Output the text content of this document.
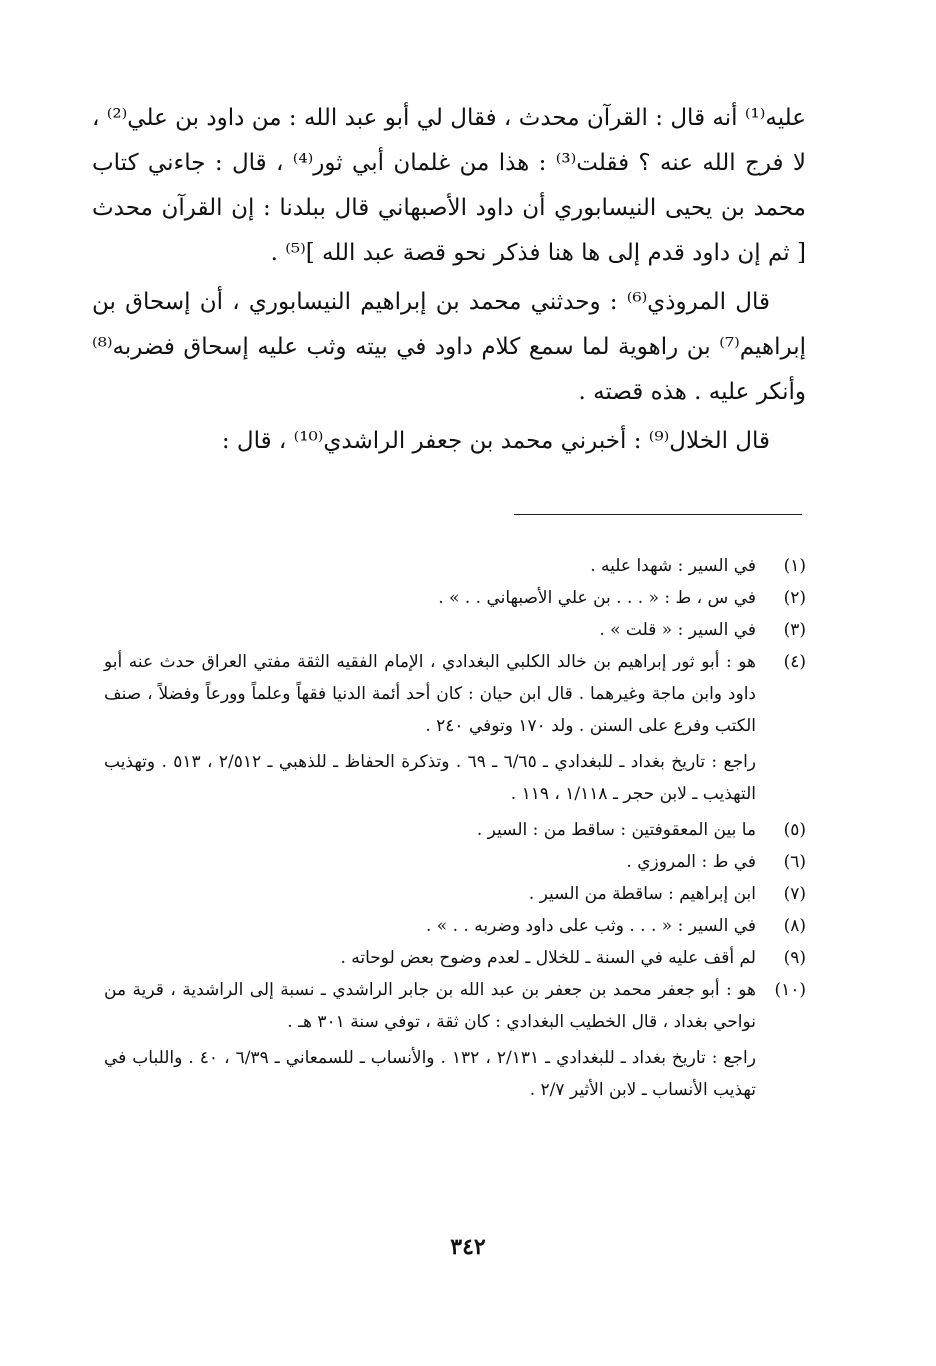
عليه⁽¹⁾ أنه قال : القرآن محدث ، فقال لي أبو عبد الله : من داود بن علي⁽²⁾ ، لا فرج الله عنه ؟ فقلت⁽³⁾ : هذا من غلمان أبي ثور⁽⁴⁾ ، قال : جاءني كتاب محمد بن يحيى النيسابوري أن داود الأصبهاني قال ببلدنا : إن القرآن محدث [ ثم إن داود قدم إلى ها هنا فذكر نحو قصة عبد الله ]⁽⁵⁾ .

قال المروذي⁽⁶⁾ : وحدثني محمد بن إبراهيم النيسابوري ، أن إسحاق بن إبراهيم⁽⁷⁾ بن راهوية لما سمع كلام داود في بيته وثب عليه إسحاق فضربه⁽⁸⁾ وأنكر عليه . هذه قصته .

قال الخلال⁽⁹⁾ : أخبرني محمد بن جعفر الراشدي⁽¹⁰⁾ ، قال :

(١)
في السير : شهدا عليه .
(٢)
في س ، ط : « . . . بن علي الأصبهاني . . » .
(٣)
في السير : « قلت » .
(٤)
هو : أبو ثور إبراهيم بن خالد الكلبي البغدادي ، الإمام الفقيه الثقة مفتي العراق حدث عنه أبو داود وابن ماجة وغيرهما . قال ابن حيان : كان أحد أئمة الدنيا فقهاً وعلماً وورعاً وفضلاً ، صنف الكتب وفرع على السنن . ولد ١٧٠ وتوفي ٢٤٠ .
راجع : تاريخ بغداد ـ للبغدادي ـ ٦/٦٥ ـ ٦٩ . وتذكرة الحفاظ ـ للذهبي ـ ٢/٥١٢ ، ٥١٣ . وتهذيب التهذيب ـ لابن حجر ـ ١/١١٨ ، ١١٩ .
(٥)
ما بين المعقوفتين : ساقط من : السير .
(٦)
في ط : المروزي .
(٧)
ابن إبراهيم : ساقطة من السير .
(٨)
في السير : « . . . وثب على داود وضربه . . » .
(٩)
لم أقف عليه في السنة ـ للخلال ـ لعدم وضوح بعض لوحاته .
(١٠)
هو : أبو جعفر محمد بن جعفر بن عبد الله بن جابر الراشدي ـ نسبة إلى الراشدية ، قرية من نواحي بغداد ، قال الخطيب البغدادي : كان ثقة ، توفي سنة ٣٠١ هـ .
راجع : تاريخ بغداد ـ للبغدادي ـ ٢/١٣١ ، ١٣٢ . والأنساب ـ للسمعاني ـ ٦/٣٩ ، ٤٠ . واللباب في تهذيب الأنساب ـ لابن الأثير ٢/٧ .
٣٤٢
